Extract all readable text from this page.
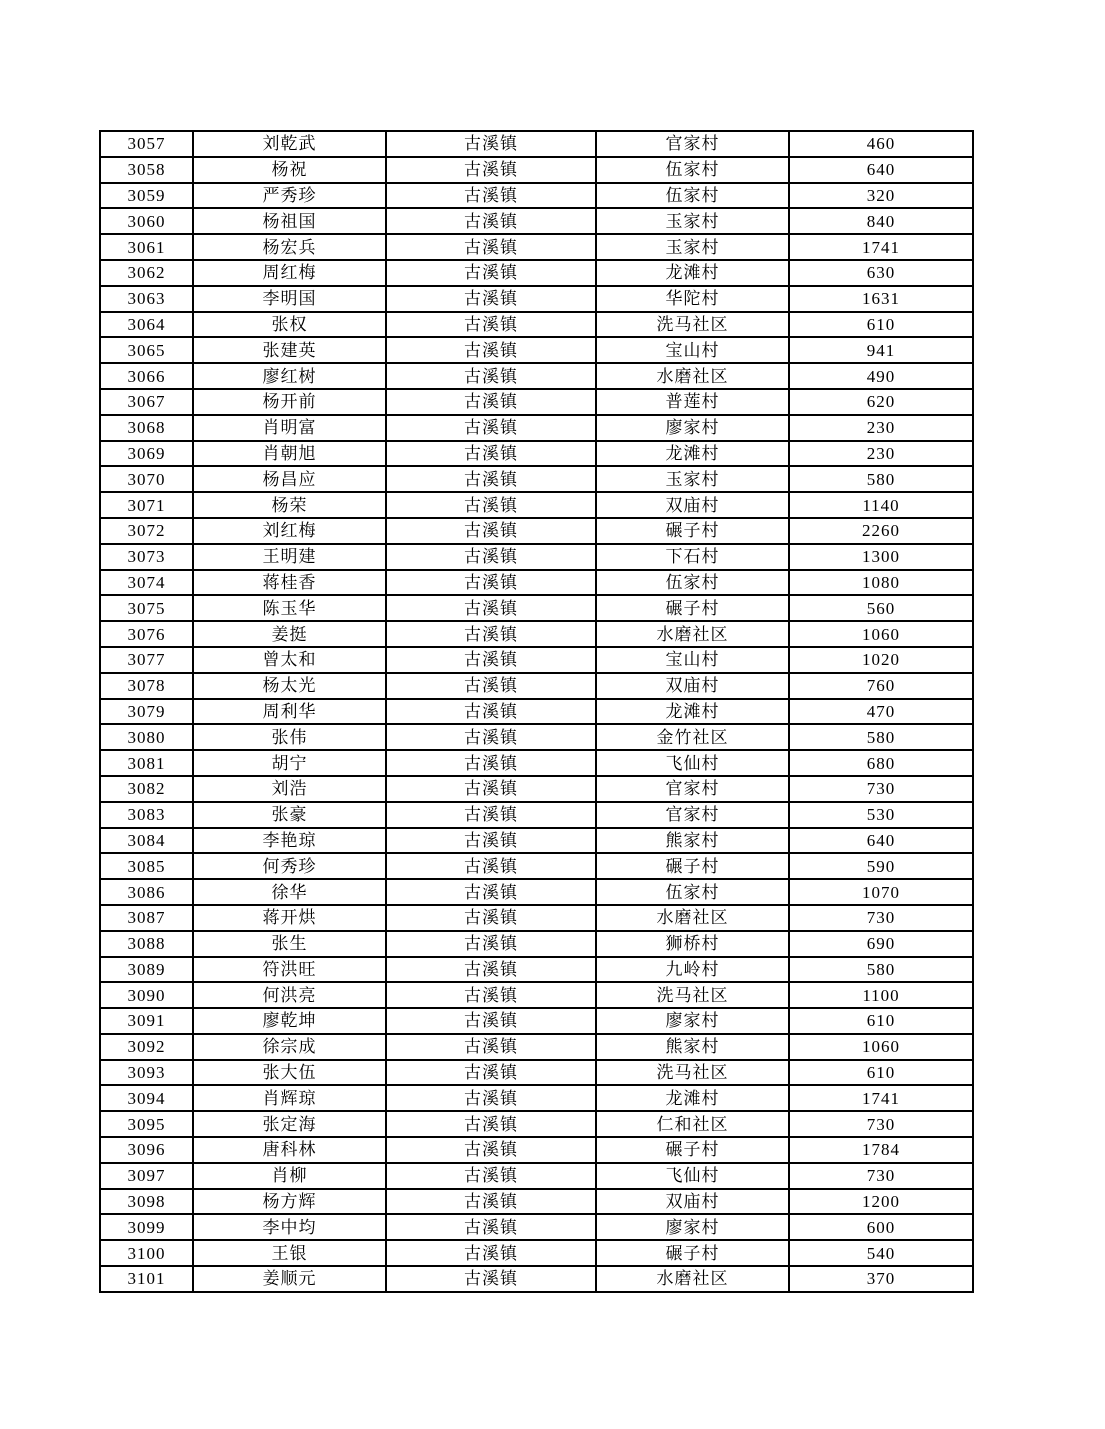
3057	刘乾武	古溪镇	官家村	460
3058	杨祝	古溪镇	伍家村	640
3059	严秀珍	古溪镇	伍家村	320
3060	杨祖国	古溪镇	玉家村	840
3061	杨宏兵	古溪镇	玉家村	1741
3062	周红梅	古溪镇	龙滩村	630
3063	李明国	古溪镇	华陀村	1631
3064	张权	古溪镇	洗马社区	610
3065	张建英	古溪镇	宝山村	941
3066	廖红树	古溪镇	水磨社区	490
3067	杨开前	古溪镇	普莲村	620
3068	肖明富	古溪镇	廖家村	230
3069	肖朝旭	古溪镇	龙滩村	230
3070	杨昌应	古溪镇	玉家村	580
3071	杨荣	古溪镇	双庙村	1140
3072	刘红梅	古溪镇	碾子村	2260
3073	王明建	古溪镇	下石村	1300
3074	蒋桂香	古溪镇	伍家村	1080
3075	陈玉华	古溪镇	碾子村	560
3076	姜挺	古溪镇	水磨社区	1060
3077	曾太和	古溪镇	宝山村	1020
3078	杨太光	古溪镇	双庙村	760
3079	周利华	古溪镇	龙滩村	470
3080	张伟	古溪镇	金竹社区	580
3081	胡宁	古溪镇	飞仙村	680
3082	刘浩	古溪镇	官家村	730
3083	张豪	古溪镇	官家村	530
3084	李艳琼	古溪镇	熊家村	640
3085	何秀珍	古溪镇	碾子村	590
3086	徐华	古溪镇	伍家村	1070
3087	蒋开烘	古溪镇	水磨社区	730
3088	张生	古溪镇	狮桥村	690
3089	符洪旺	古溪镇	九岭村	580
3090	何洪亮	古溪镇	洗马社区	1100
3091	廖乾坤	古溪镇	廖家村	610
3092	徐宗成	古溪镇	熊家村	1060
3093	张大伍	古溪镇	洗马社区	610
3094	肖辉琼	古溪镇	龙滩村	1741
3095	张定海	古溪镇	仁和社区	730
3096	唐科林	古溪镇	碾子村	1784
3097	肖柳	古溪镇	飞仙村	730
3098	杨方辉	古溪镇	双庙村	1200
3099	李中均	古溪镇	廖家村	600
3100	王银	古溪镇	碾子村	540
3101	姜顺元	古溪镇	水磨社区	370
